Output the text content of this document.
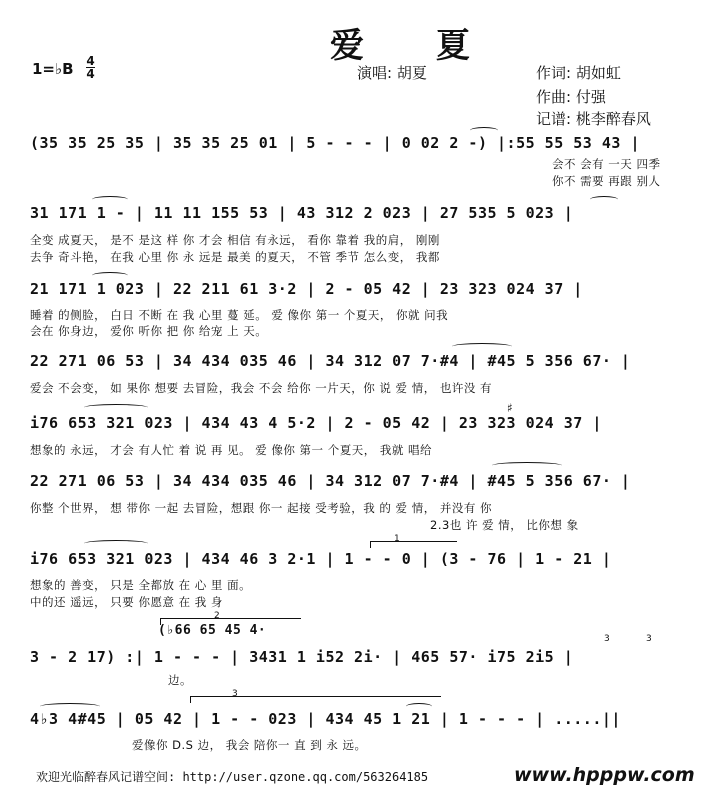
爱 夏
1=♭B 4
4	演唱: 胡夏	作词: 胡如虹
作曲: 付强
记谱: 桃李醉春风
(35 35 25 35 | 35 35 25 01 | 5 - - - | 0 02 2 -) |:55 55 53 43 |
会不 会有 一天 四季
你不 需要 再跟 别人
31 171 1 - | 11 11 155 53 | 43 312 2 023 | 27 535 5 023 |
全变 成夏天， 是不 是这 样 你 才会 相信 有永远， 看你 靠着 我的肩， 刚刚
去争 奇斗艳， 在我 心里 你 永 远是 最美 的夏天， 不管 季节 怎么变， 我都
21 171 1 023 | 22 211 61 3·2 | 2 - 05 42 | 23 323 024 37 |
睡着 的侧脸， 白日 不断 在 我 心里 蔓 延。 爱 像你 第一 个夏天， 你就 问我
会在 你身边， 爱你 听你 把 你 给宠 上 天。
22 271 06 53 | 34 434 035 46 | 34 312 07 7·#4 | #45 5 356 67· |
爱会 不会变， 如 果你 想要 去冒险，我会 不会 给你 一片天，你 说 爱 情， 也许没 有
i76 653 321 023 | 434 43 4 5·2 | 2 - 05 42 | 23 323 024 37 |
想象的 永远， 才会 有人忙 着 说 再 见。 爱 像你 第一 个夏天， 我就 唱给
♯
22 271 06 53 | 34 434 035 46 | 34 312 07 7·#4 | #45 5 356 67· |
你整 个世界， 想 带你 一起 去冒险，想跟 你一 起接 受考验，我 的 爱 情， 并没有 你
2.3也 许 爱 情， 比你想 象
i76 653 321 023 | 434 46 3 2·1 | 1 - - 0 | (3 - 76 | 1 - 21 |
想象的 善变， 只是 全都放 在 心 里 面。
中的还 遥远， 只要 你愿意 在 我 身
1
2
(♭66 65 45 4·
3 - 2 17) :| 1 - - - | 3431 1 i52 2i· | 465 57· i75 2i5 |
边。
3	3
3
4♭3 4#45 | 05 42 | 1 - - 023 | 434 45 1 21 | 1 - - - | .....||
爱像你 D.S 边， 我会 陪你一 直 到 永 远。
欢迎光临醉春风记谱空间: http://user.qzone.qq.com/563264185	www.hpppw.com
